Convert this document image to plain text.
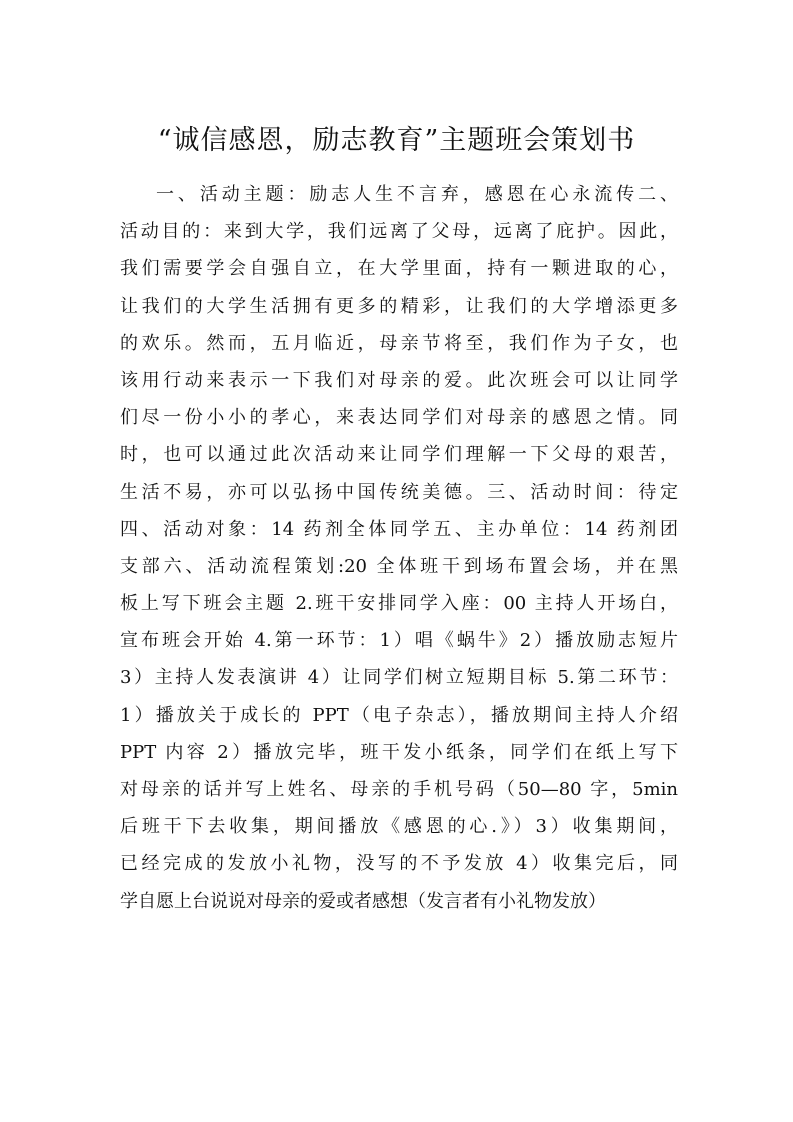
“诚信感恩，励志教育”主题班会策划书
一、活动主题：励志人生不言弃，感恩在心永流传二、
活动目的：来到大学，我们远离了父母，远离了庇护。因此，
我们需要学会自强自立，在大学里面，持有一颗进取的心，
让我们的大学生活拥有更多的精彩，让我们的大学增添更多
的欢乐。然而，五月临近，母亲节将至，我们作为子女，也
该用行动来表示一下我们对母亲的爱。此次班会可以让同学
们尽一份小小的孝心，来表达同学们对母亲的感恩之情。同
时，也可以通过此次活动来让同学们理解一下父母的艰苦，
生活不易，亦可以弘扬中国传统美德。三、活动时间：待定
四、活动对象：14 药剂全体同学五、主办单位：14 药剂团
支部六、活动流程策划:20 全体班干到场布置会场，并在黑
板上写下班会主题 2.班干安排同学入座：00 主持人开场白，
宣布班会开始 4.第一环节：1）唱《蜗牛》2）播放励志短片
3）主持人发表演讲 4）让同学们树立短期目标 5.第二环节：
1）播放关于成长的 PPT（电子杂志），播放期间主持人介绍
PPT 内容 2）播放完毕，班干发小纸条，同学们在纸上写下
对母亲的话并写上姓名、母亲的手机号码（50—80 字，5min
后班干下去收集，期间播放《感恩的心.》）3）收集期间，
已经完成的发放小礼物，没写的不予发放 4）收集完后，同
学自愿上台说说对母亲的爱或者感想（发言者有小礼物发放）
